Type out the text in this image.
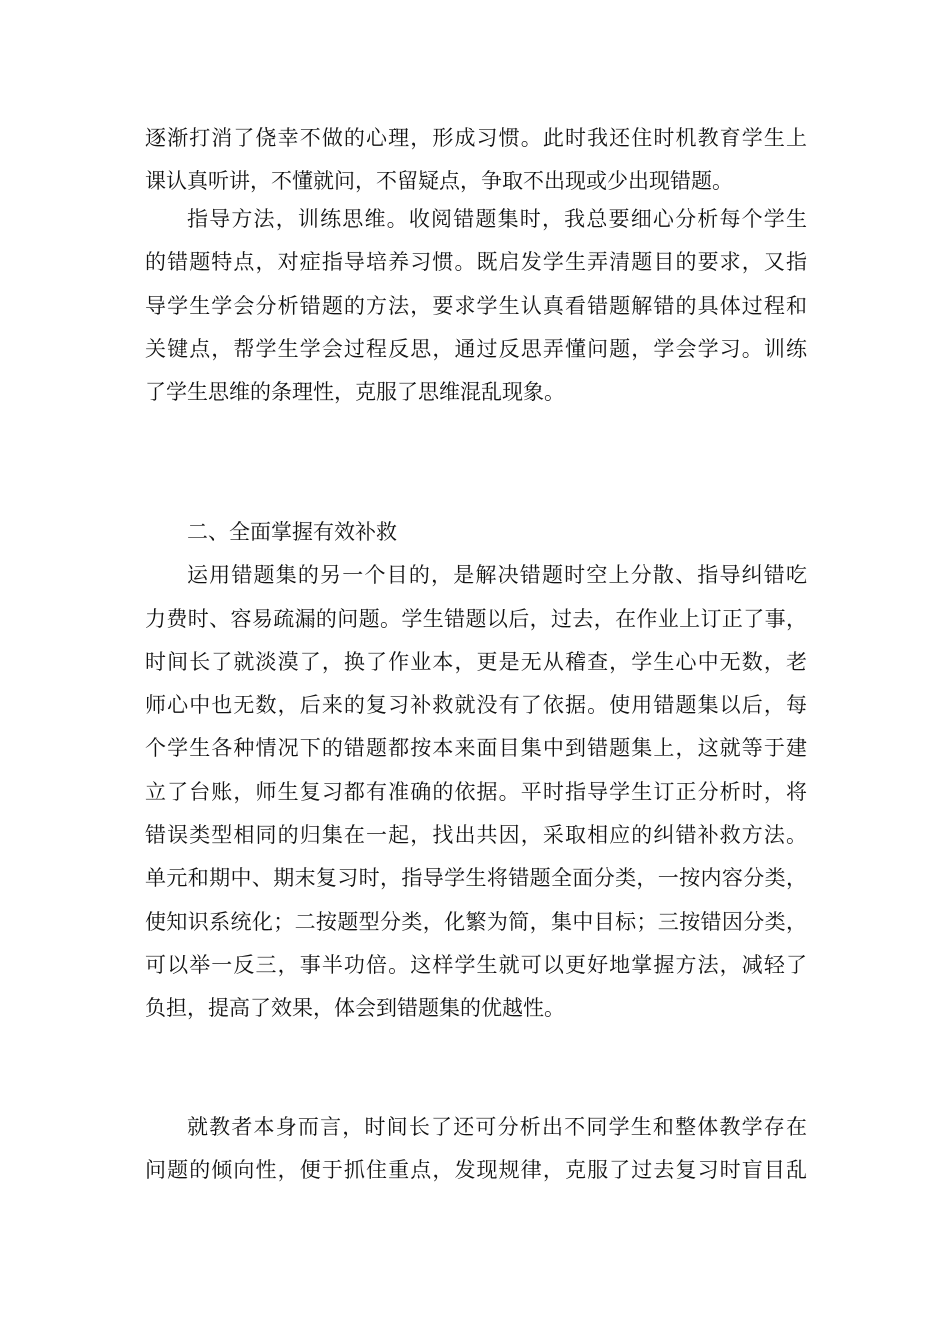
逐渐打消了侥幸不做的心理，形成习惯。此时我还住时机教育学生上
课认真听讲，不懂就问，不留疑点，争取不出现或少出现错题。
指导方法，训练思维。收阅错题集时，我总要细心分析每个学生
的错题特点，对症指导培养习惯。既启发学生弄清题目的要求，又指
导学生学会分析错题的方法，要求学生认真看错题解错的具体过程和
关键点，帮学生学会过程反思，通过反思弄懂问题，学会学习。训练
了学生思维的条理性，克服了思维混乱现象。
二、全面掌握有效补救
运用错题集的另一个目的，是解决错题时空上分散、指导纠错吃
力费时、容易疏漏的问题。学生错题以后，过去，在作业上订正了事，
时间长了就淡漠了，换了作业本，更是无从稽查，学生心中无数，老
师心中也无数，后来的复习补救就没有了依据。使用错题集以后，每
个学生各种情况下的错题都按本来面目集中到错题集上，这就等于建
立了台账，师生复习都有准确的依据。平时指导学生订正分析时，将
错误类型相同的归集在一起，找出共因，采取相应的纠错补救方法。
单元和期中、期末复习时，指导学生将错题全面分类，一按内容分类，
使知识系统化；二按题型分类，化繁为简，集中目标；三按错因分类，
可以举一反三，事半功倍。这样学生就可以更好地掌握方法，减轻了
负担，提高了效果，体会到错题集的优越性。
就教者本身而言，时间长了还可分析出不同学生和整体教学存在
问题的倾向性，便于抓住重点，发现规律，克服了过去复习时盲目乱
